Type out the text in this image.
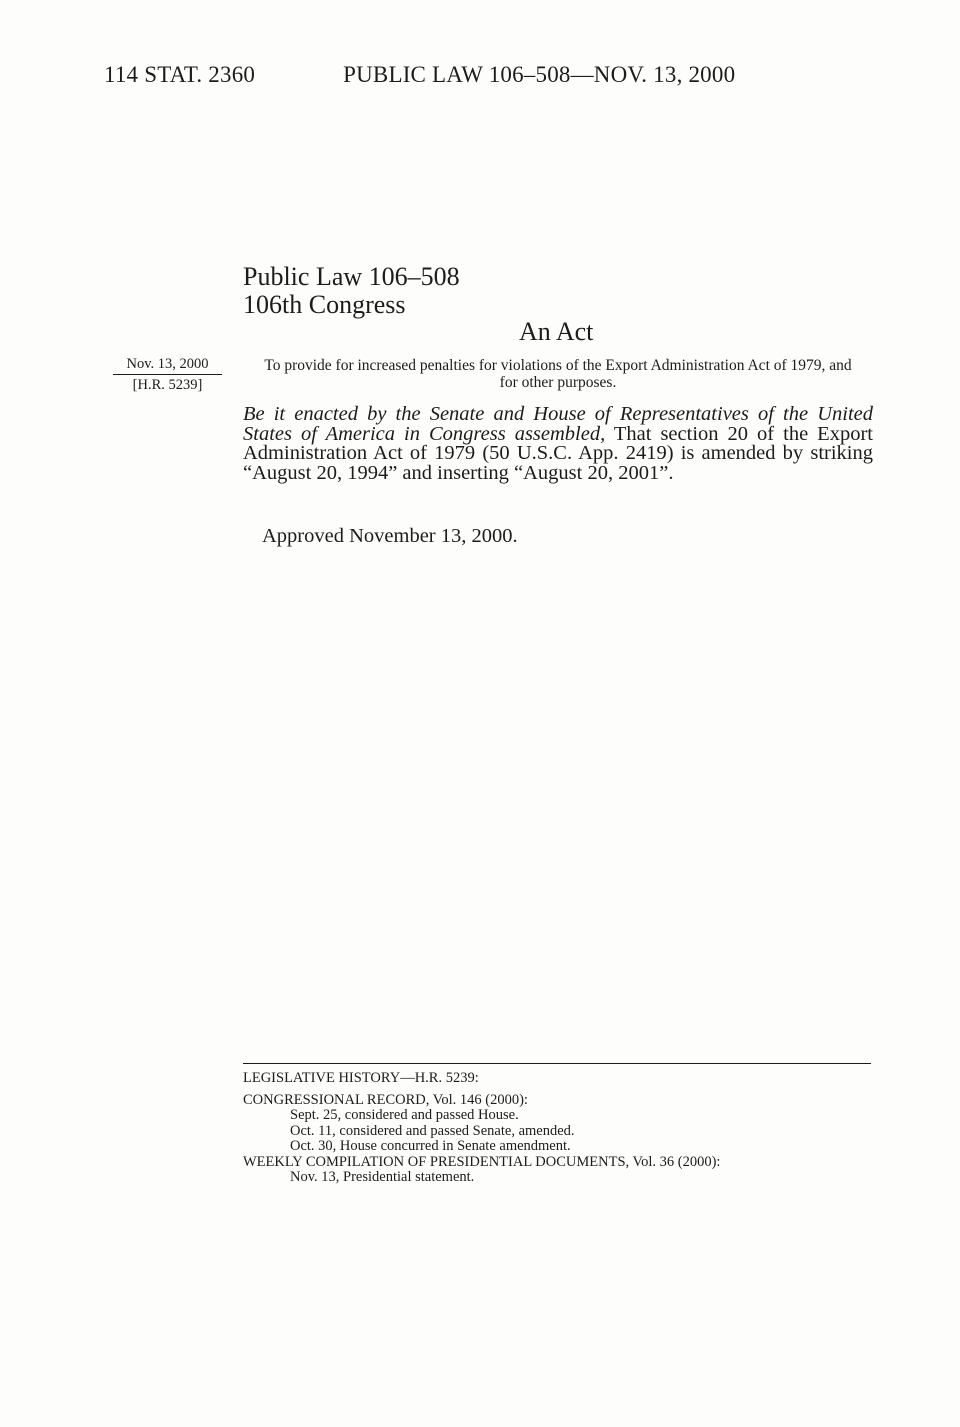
114 STAT. 2360	PUBLIC LAW 106–508—NOV. 13, 2000
Public Law 106–508
106th Congress
An Act
Nov. 13, 2000
[H.R. 5239]
To provide for increased penalties for violations of the Export Administration Act of 1979, and for other purposes.
Be it enacted by the Senate and House of Representatives of the United States of America in Congress assembled, That section 20 of the Export Administration Act of 1979 (50 U.S.C. App. 2419) is amended by striking “August 20, 1994” and inserting “August 20, 2001”.
Approved November 13, 2000.
LEGISLATIVE HISTORY—H.R. 5239:
CONGRESSIONAL RECORD, Vol. 146 (2000):
Sept. 25, considered and passed House.
Oct. 11, considered and passed Senate, amended.
Oct. 30, House concurred in Senate amendment.
WEEKLY COMPILATION OF PRESIDENTIAL DOCUMENTS, Vol. 36 (2000):
Nov. 13, Presidential statement.
